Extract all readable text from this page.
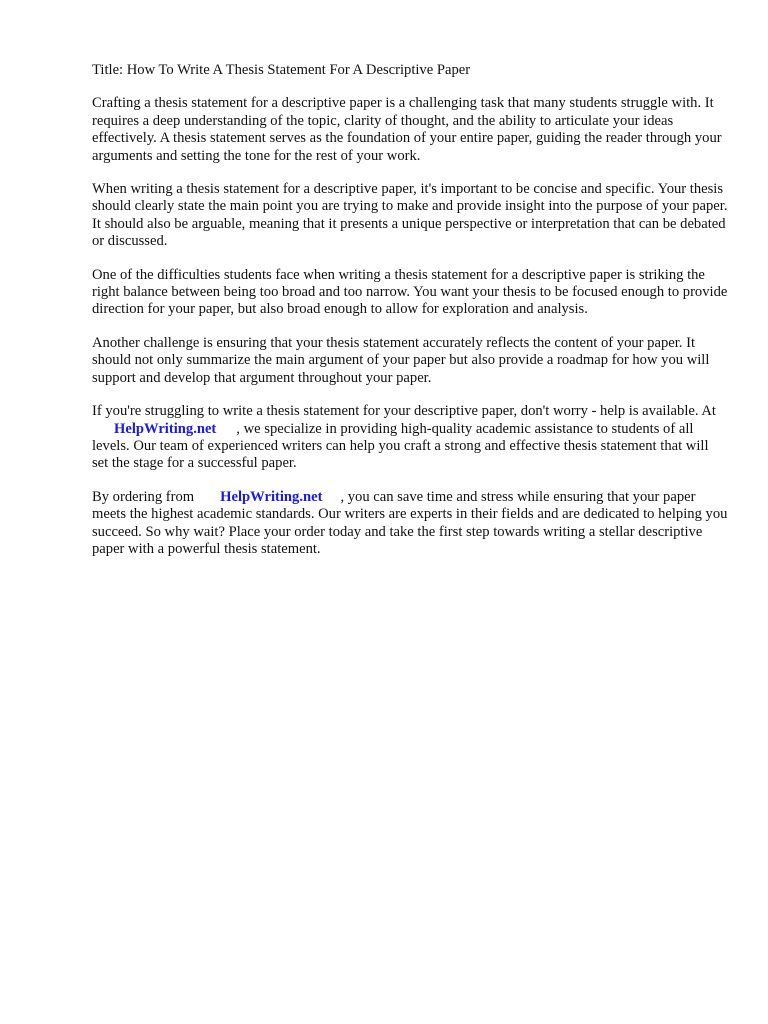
Title: How To Write A Thesis Statement For A Descriptive Paper

Crafting a thesis statement for a descriptive paper is a challenging task that many students struggle with. It requires a deep understanding of the topic, clarity of thought, and the ability to articulate your ideas effectively. A thesis statement serves as the foundation of your entire paper, guiding the reader through your arguments and setting the tone for the rest of your work.

When writing a thesis statement for a descriptive paper, it's important to be concise and specific. Your thesis should clearly state the main point you are trying to make and provide insight into the purpose of your paper. It should also be arguable, meaning that it presents a unique perspective or interpretation that can be debated or discussed.

One of the difficulties students face when writing a thesis statement for a descriptive paper is striking the right balance between being too broad and too narrow. You want your thesis to be focused enough to provide direction for your paper, but also broad enough to allow for exploration and analysis.

Another challenge is ensuring that your thesis statement accurately reflects the content of your paper. It should not only summarize the main argument of your paper but also provide a roadmap for how you will support and develop that argument throughout your paper.

If you're struggling to write a thesis statement for your descriptive paper, don't worry - help is available. AtHelpWriting.net , we specialize in providing high-quality academic assistance to students of all levels. Our team of experienced writers can help you craft a strong and effective thesis statement that will set the stage for a successful paper.

By ordering from HelpWriting.net , you can save time and stress while ensuring that your paper meets the highest academic standards. Our writers are experts in their fields and are dedicated to helping you succeed. So why wait? Place your order today and take the first step towards writing a stellar descriptive paper with a powerful thesis statement.
